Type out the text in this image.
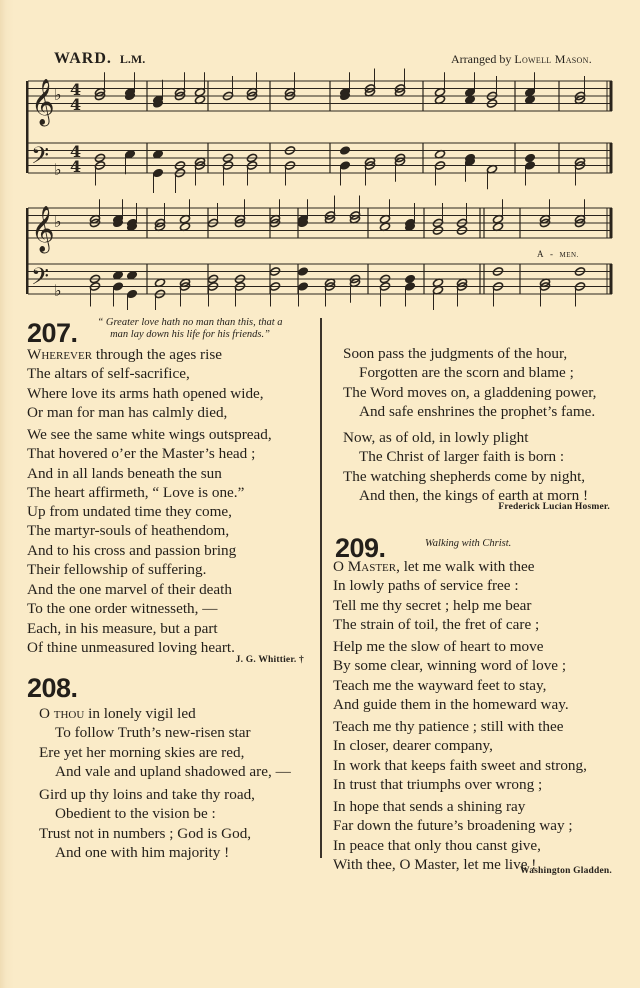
WARD. L.M.	Arranged by Lowell Mason.
𝄞
𝄢
♭
♭
4
4
4
4
𝄞
𝄢
♭
♭
A - MEN.
207.	“ Greater love hath no man than this, that a
man lay down his life for his friends.”
Wherever through the ages rise
The altars of self-sacrifice,
Where love its arms hath opened wide,
Or man for man has calmly died,
We see the same white wings outspread,
That hovered o’er the Master’s head ;
And in all lands beneath the sun
The heart affirmeth, “ Love is one.”
Up from undated time they come,
The martyr-souls of heathendom,
And to his cross and passion bring
Their fellowship of suffering.
And the one marvel of their death
To the one order witnesseth, —
Each, in his measure, but a part
Of thine unmeasured loving heart.
J. G. Whittier. †
208.
O thou in lonely vigil led
To follow Truth’s new-risen star
Ere yet her morning skies are red,
And vale and upland shadowed are, —
Gird up thy loins and take thy road,
Obedient to the vision be :
Trust not in numbers ; God is God,
And one with him majority !
Soon pass the judgments of the hour,
Forgotten are the scorn and blame ;
The Word moves on, a gladdening power,
And safe enshrines the prophet’s fame.
Now, as of old, in lowly plight
The Christ of larger faith is born :
The watching shepherds come by night,
And then, the kings of earth at morn !
Frederick Lucian Hosmer.
209.	Walking with Christ.
O Master, let me walk with thee
In lowly paths of service free :
Tell me thy secret ; help me bear
The strain of toil, the fret of care ;
Help me the slow of heart to move
By some clear, winning word of love ;
Teach me the wayward feet to stay,
And guide them in the homeward way.
Teach me thy patience ; still with thee
In closer, dearer company,
In work that keeps faith sweet and strong,
In trust that triumphs over wrong ;
In hope that sends a shining ray
Far down the future’s broadening way ;
In peace that only thou canst give,
With thee, O Master, let me live !
Washington Gladden.
